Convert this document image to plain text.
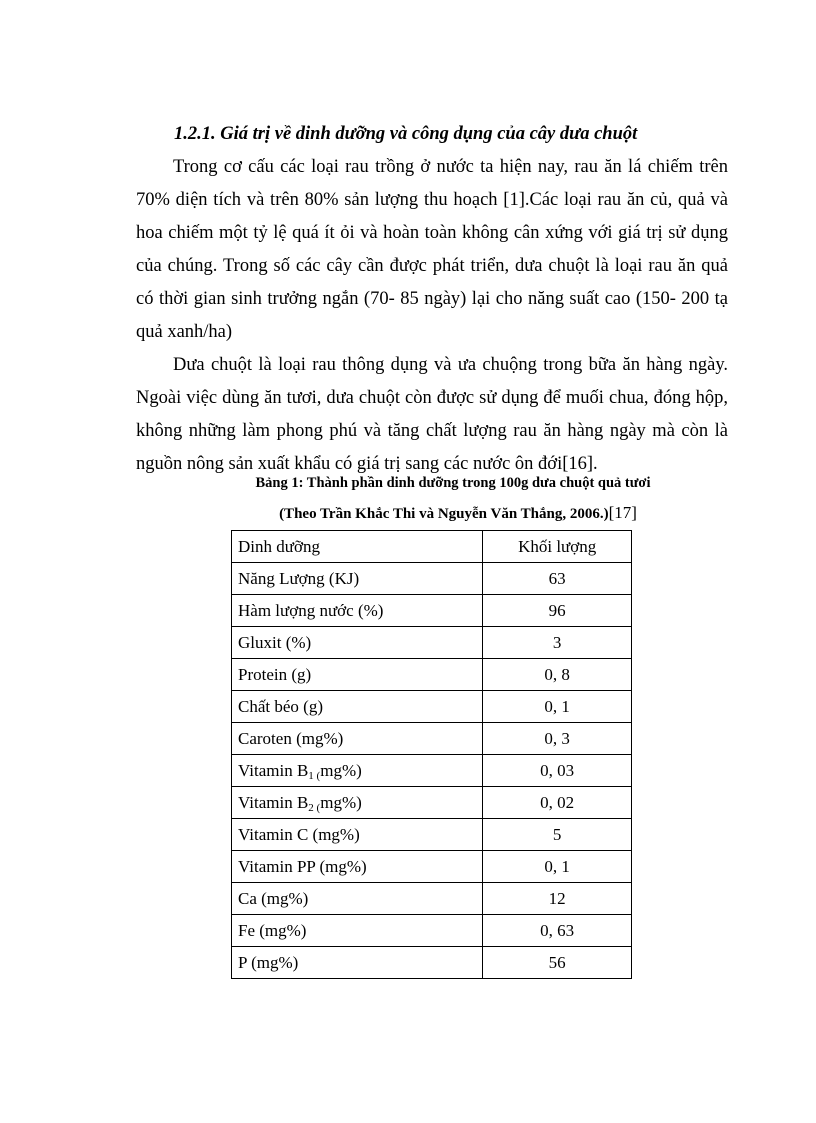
1.2.1. Giá trị về dinh dưỡng và công dụng của cây dưa chuột

Trong cơ cấu các loại rau trồng ở nước ta hiện nay, rau ăn lá chiếm trên 70% diện tích và trên 80% sản lượng thu hoạch [1].Các loại rau ăn củ, quả và hoa chiếm một tỷ lệ quá ít ỏi và hoàn toàn không cân xứng với giá trị sử dụng của chúng. Trong số các cây cần được phát triển, dưa chuột là loại rau ăn quả có thời gian sinh trưởng ngắn (70- 85 ngày) lại cho năng suất cao (150- 200 tạ quả xanh/ha)

Dưa chuột là loại rau thông dụng và ưa chuộng trong bữa ăn hàng ngày. Ngoài việc dùng ăn tươi, dưa chuột còn được sử dụng để muối chua, đóng hộp, không những làm phong phú và tăng chất lượng rau ăn hàng ngày mà còn là nguồn nông sản xuất khẩu có giá trị sang các nước ôn đới[16].

Bảng 1: Thành phần dinh dưỡng trong 100g dưa chuột quả tươi

(Theo Trần Khắc Thi và Nguyễn Văn Thắng, 2006.)[17]

Dinh dưỡng	Khối lượng
Năng Lượng (KJ)	63
Hàm lượng nước (%)	96
Gluxit (%)	3
Protein (g)	0, 8
Chất béo (g)	0, 1
Caroten (mg%)	0, 3
Vitamin $B_{1 (}mg\%$)	0, 03
Vitamin $B_{2 (}mg\%$)	0, 02
Vitamin C (mg%)	5
Vitamin PP (mg%)	0, 1
Ca (mg%)	12
Fe (mg%)	0, 63
P (mg%)	56
